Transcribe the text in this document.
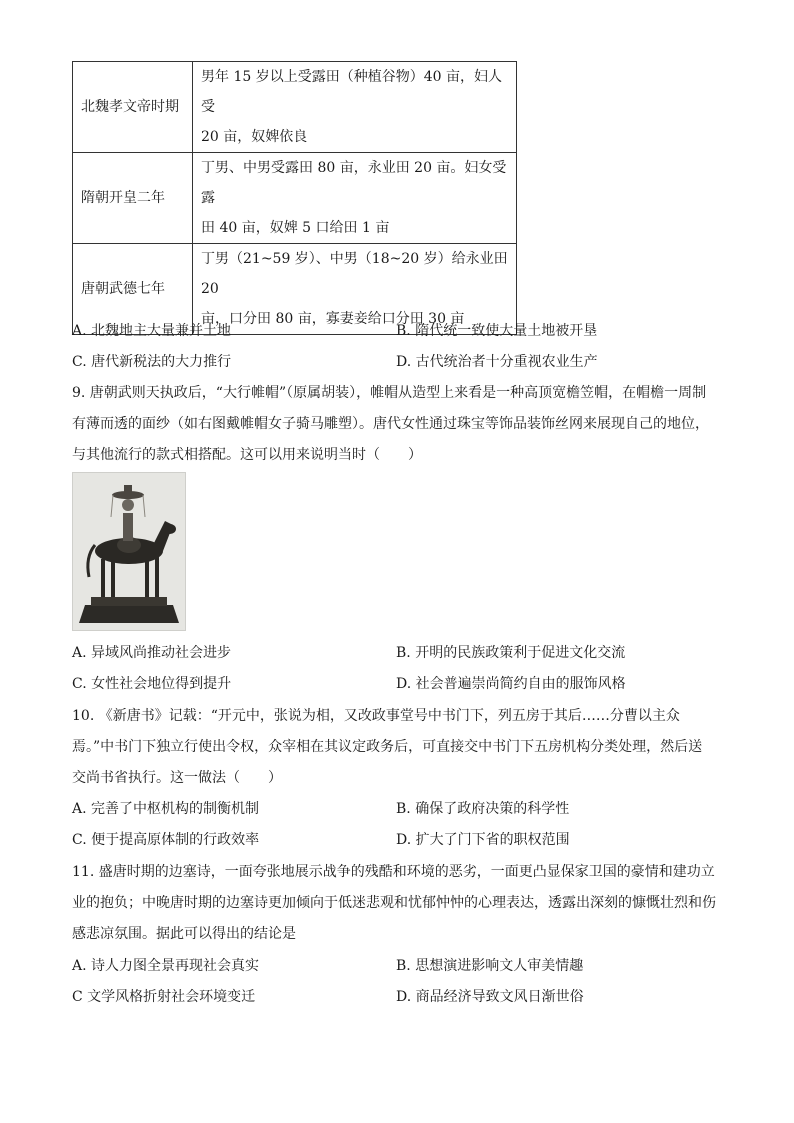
北魏孝文帝时期	男年 15 岁以上受露田（种植谷物）40 亩，妇人受
20 亩，奴婢依良

隋朝开皇二年	丁男、中男受露田 80 亩，永业田 20 亩。妇女受露
田 40 亩，奴婢 5 口给田 1 亩

唐朝武德七年	丁男（21~59 岁）、中男（18~20 岁）给永业田 20
亩，口分田 80 亩，寡妻妾给口分田 30 亩
A. 北魏地主大量兼并土地	B. 隋代统一致使大量土地被开垦
C. 唐代新税法的大力推行	D. 古代统治者十分重视农业生产
9. 唐朝武则天执政后，“大行帷帽”（原属胡装），帷帽从造型上来看是一种高顶宽檐笠帽，在帽檐一周制
有薄而透的面纱（如右图戴帷帽女子骑马雕塑）。唐代女性通过珠宝等饰品装饰丝网来展现自己的地位，
与其他流行的款式相搭配。这可以用来说明当时（　　）
A. 异域风尚推动社会进步	B. 开明的民族政策利于促进文化交流
C. 女性社会地位得到提升	D. 社会普遍崇尚简约自由的服饰风格
10. 《新唐书》记载：“开元中，张说为相，又改政事堂号中书门下，列五房于其后……分曹以主众
焉。”中书门下独立行使出令权，众宰相在其议定政务后，可直接交中书门下五房机构分类处理，然后送
交尚书省执行。这一做法（　　）
A. 完善了中枢机构的制衡机制	B. 确保了政府决策的科学性
C. 便于提高原体制的行政效率	D. 扩大了门下省的职权范围
11. 盛唐时期的边塞诗，一面夸张地展示战争的残酷和环境的恶劣，一面更凸显保家卫国的豪情和建功立
业的抱负；中晚唐时期的边塞诗更加倾向于低迷悲观和忧郁忡忡的心理表达，透露出深刻的慷慨壮烈和伤
感悲凉氛围。据此可以得出的结论是
A. 诗人力图全景再现社会真实	B. 思想演进影响文人审美情趣
C 文学风格折射社会环境变迁	D. 商品经济导致文风日渐世俗
